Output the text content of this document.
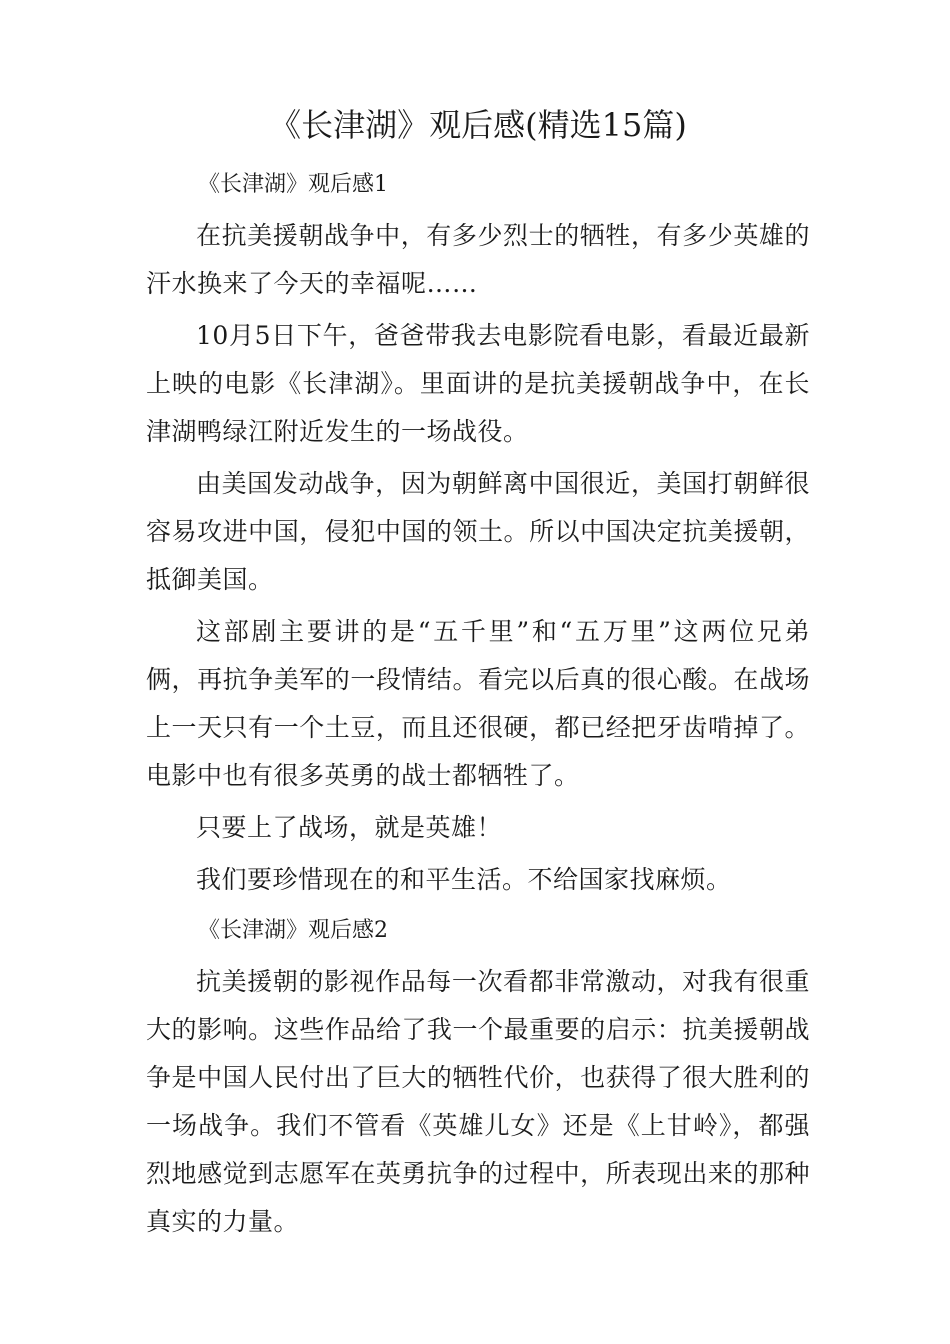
《长津湖》观后感(精选15篇)

《长津湖》观后感1

在抗美援朝战争中，有多少烈士的牺牲，有多少英雄的汗水换来了今天的幸福呢……

10月5日下午，爸爸带我去电影院看电影，看最近最新上映的电影《长津湖》。里面讲的是抗美援朝战争中，在长津湖鸭绿江附近发生的一场战役。

由美国发动战争，因为朝鲜离中国很近，美国打朝鲜很容易攻进中国，侵犯中国的领土。所以中国决定抗美援朝，抵御美国。

这部剧主要讲的是“五千里”和“五万里”这两位兄弟俩，再抗争美军的一段情结。看完以后真的很心酸。在战场上一天只有一个土豆，而且还很硬，都已经把牙齿啃掉了。电影中也有很多英勇的战士都牺牲了。

只要上了战场，就是英雄！

我们要珍惜现在的和平生活。不给国家找麻烦。

《长津湖》观后感2

抗美援朝的影视作品每一次看都非常激动，对我有很重大的影响。这些作品给了我一个最重要的启示：抗美援朝战争是中国人民付出了巨大的牺牲代价，也获得了很大胜利的一场战争。我们不管看《英雄儿女》还是《上甘岭》，都强烈地感觉到志愿军在英勇抗争的过程中，所表现出来的那种真实的力量。
